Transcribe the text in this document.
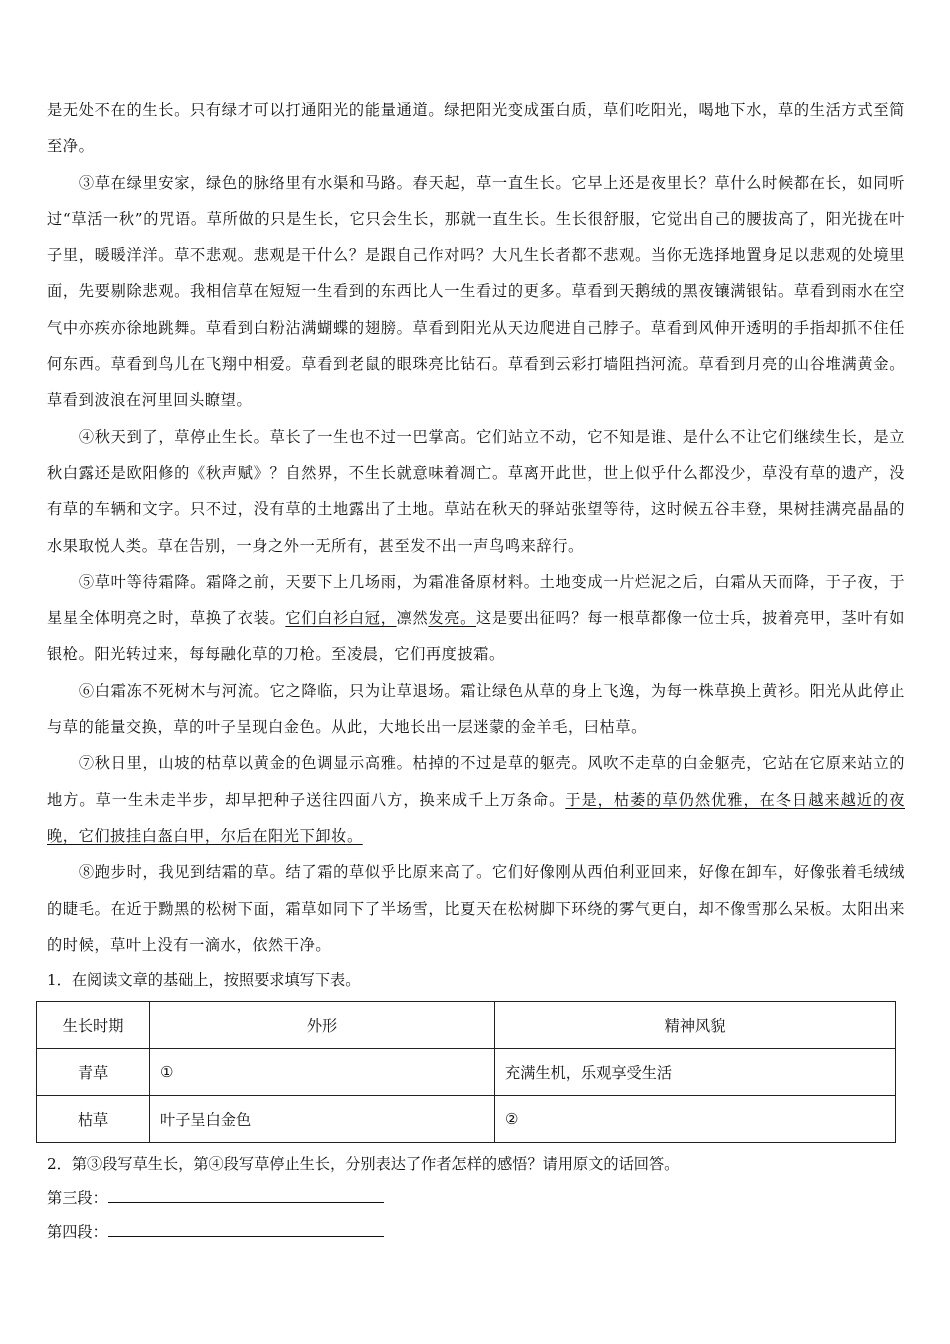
是无处不在的生长。只有绿才可以打通阳光的能量通道。绿把阳光变成蛋白质，草们吃阳光，喝地下水，草的生活方式至简至净。

③草在绿里安家，绿色的脉络里有水渠和马路。春天起，草一直生长。它早上还是夜里长？草什么时候都在长，如同听过“草活一秋”的咒语。草所做的只是生长，它只会生长，那就一直生长。生长很舒服，它觉出自己的腰拔高了，阳光拢在叶子里，暖暖洋洋。草不悲观。悲观是干什么？是跟自己作对吗？大凡生长者都不悲观。当你无选择地置身足以悲观的处境里面，先要剔除悲观。我相信草在短短一生看到的东西比人一生看过的更多。草看到天鹅绒的黑夜镶满银钻。草看到雨水在空气中亦疾亦徐地跳舞。草看到白粉沾满蝴蝶的翅膀。草看到阳光从天边爬进自己脖子。草看到风伸开透明的手指却抓不住任何东西。草看到鸟儿在飞翔中相爱。草看到老鼠的眼珠亮比钻石。草看到云彩打墙阻挡河流。草看到月亮的山谷堆满黄金。草看到波浪在河里回头瞭望。

④秋天到了，草停止生长。草长了一生也不过一巴掌高。它们站立不动，它不知是谁、是什么不让它们继续生长，是立秋白露还是欧阳修的《秋声赋》？自然界，不生长就意味着凋亡。草离开此世，世上似乎什么都没少，草没有草的遗产，没有草的车辆和文字。只不过，没有草的土地露出了土地。草站在秋天的驿站张望等待，这时候五谷丰登，果树挂满亮晶晶的水果取悦人类。草在告别，一身之外一无所有，甚至发不出一声鸟鸣来辞行。

⑤草叶等待霜降。霜降之前，天要下上几场雨，为霜准备原材料。土地变成一片烂泥之后，白霜从天而降，于子夜，于星星全体明亮之时，草换了衣装。它们白衫白冠，凛然发亮。这是要出征吗？每一根草都像一位士兵，披着亮甲，茎叶有如银枪。阳光转过来，每每融化草的刀枪。至凌晨，它们再度披霜。

⑥白霜冻不死树木与河流。它之降临，只为让草退场。霜让绿色从草的身上飞逸，为每一株草换上黄衫。阳光从此停止与草的能量交换，草的叶子呈现白金色。从此，大地长出一层迷蒙的金羊毛，曰枯草。

⑦秋日里，山坡的枯草以黄金的色调显示高雅。枯掉的不过是草的躯壳。风吹不走草的白金躯壳，它站在它原来站立的地方。草一生未走半步，却早把种子送往四面八方，换来成千上万条命。于是，枯萎的草仍然优雅，在冬日越来越近的夜晚，它们披挂白盔白甲，尔后在阳光下卸妆。

⑧跑步时，我见到结霜的草。结了霜的草似乎比原来高了。它们好像刚从西伯利亚回来，好像在卸车，好像张着毛绒绒的睫毛。在近于黝黑的松树下面，霜草如同下了半场雪，比夏天在松树脚下环绕的雾气更白，却不像雪那么呆板。太阳出来的时候，草叶上没有一滴水，依然干净。

1．在阅读文章的基础上，按照要求填写下表。

生长时期	外形	精神风貌
青草	①	充满生机，乐观享受生活
枯草	叶子呈白金色	②

2．第③段写草生长，第④段写草停止生长，分别表达了作者怎样的感悟？请用原文的话回答。

第三段：

第四段：
